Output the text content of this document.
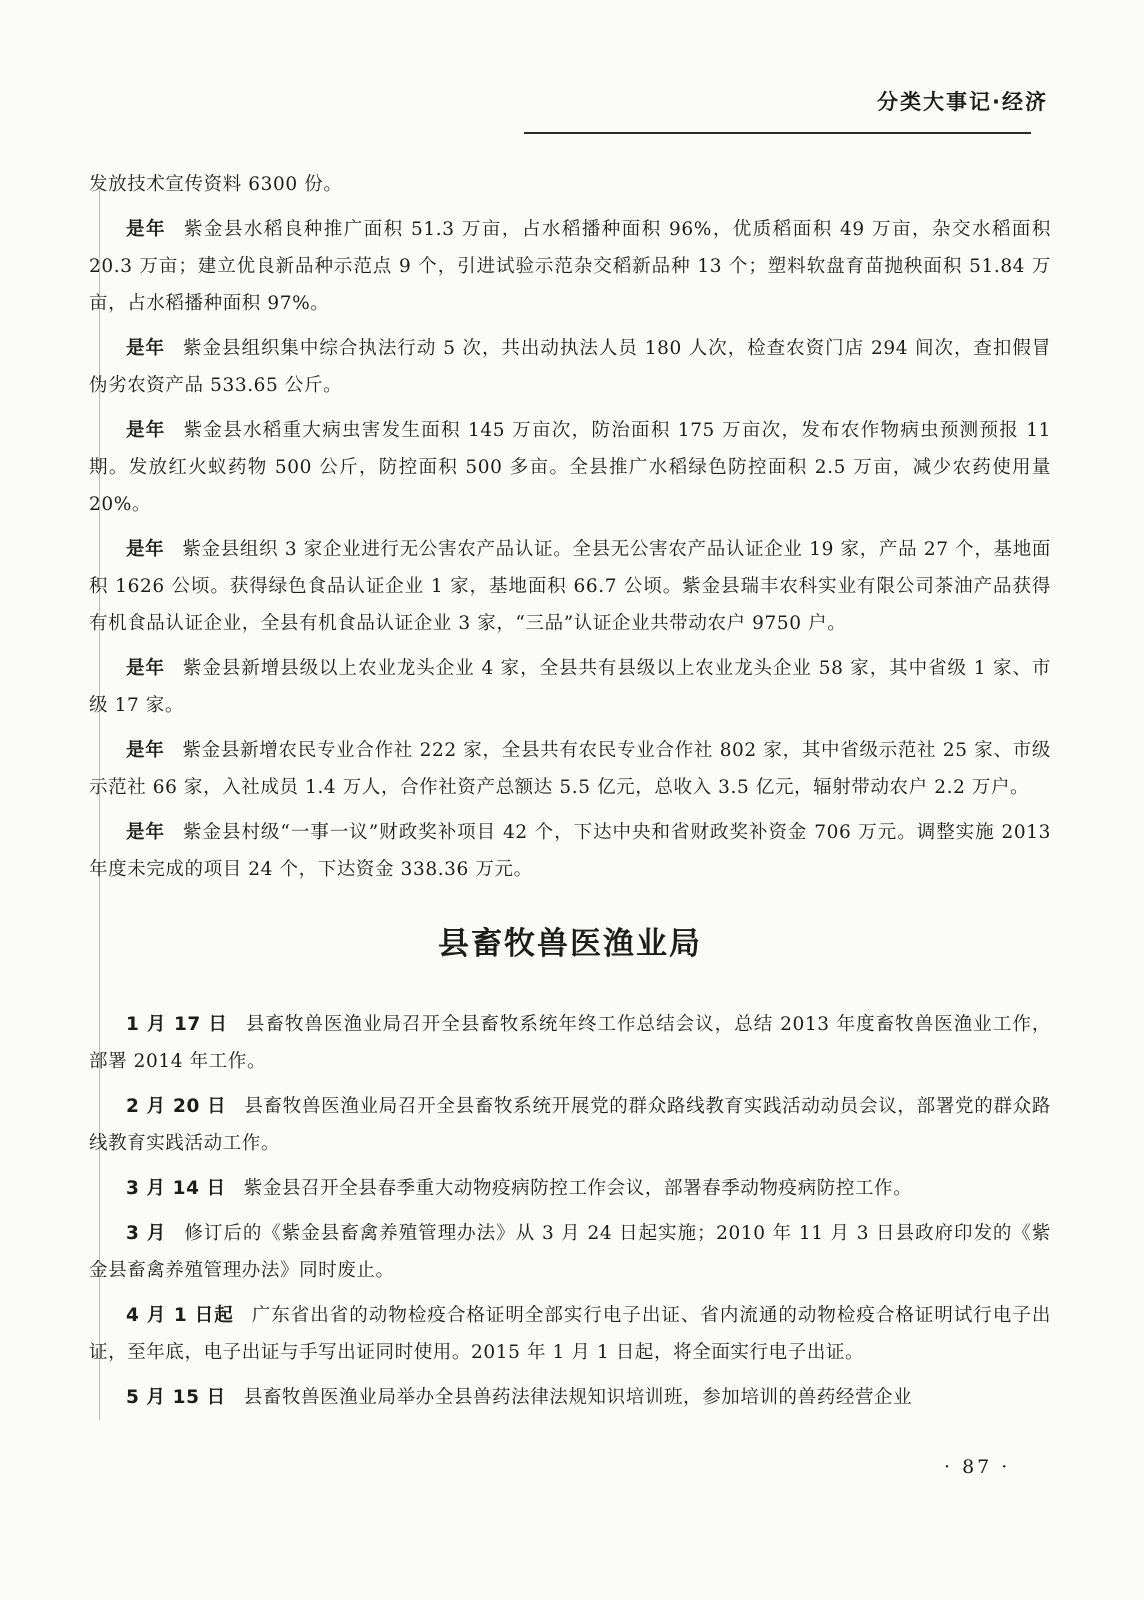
分类大事记·经济

发放技术宣传资料 6300 份。

是年 紫金县水稻良种推广面积 51.3 万亩，占水稻播种面积 96%，优质稻面积 49 万亩，杂交水稻面积 20.3 万亩；建立优良新品种示范点 9 个，引进试验示范杂交稻新品种 13 个；塑料软盘育苗抛秧面积 51.84 万亩，占水稻播种面积 97%。

是年 紫金县组织集中综合执法行动 5 次，共出动执法人员 180 人次，检查农资门店 294 间次，查扣假冒伪劣农资产品 533.65 公斤。

是年 紫金县水稻重大病虫害发生面积 145 万亩次，防治面积 175 万亩次，发布农作物病虫预测预报 11 期。发放红火蚁药物 500 公斤，防控面积 500 多亩。全县推广水稻绿色防控面积 2.5 万亩，减少农药使用量 20%。

是年 紫金县组织 3 家企业进行无公害农产品认证。全县无公害农产品认证企业 19 家，产品 27 个，基地面积 1626 公顷。获得绿色食品认证企业 1 家，基地面积 66.7 公顷。紫金县瑞丰农科实业有限公司茶油产品获得有机食品认证企业，全县有机食品认证企业 3 家，“三品”认证企业共带动农户 9750 户。

是年 紫金县新增县级以上农业龙头企业 4 家，全县共有县级以上农业龙头企业 58 家，其中省级 1 家、市级 17 家。

是年 紫金县新增农民专业合作社 222 家，全县共有农民专业合作社 802 家，其中省级示范社 25 家、市级示范社 66 家，入社成员 1.4 万人，合作社资产总额达 5.5 亿元，总收入 3.5 亿元，辐射带动农户 2.2 万户。

是年 紫金县村级“一事一议”财政奖补项目 42 个，下达中央和省财政奖补资金 706 万元。调整实施 2013 年度未完成的项目 24 个，下达资金 338.36 万元。

县畜牧兽医渔业局

1 月 17 日 县畜牧兽医渔业局召开全县畜牧系统年终工作总结会议，总结 2013 年度畜牧兽医渔业工作，部署 2014 年工作。

2 月 20 日 县畜牧兽医渔业局召开全县畜牧系统开展党的群众路线教育实践活动动员会议，部署党的群众路线教育实践活动工作。

3 月 14 日 紫金县召开全县春季重大动物疫病防控工作会议，部署春季动物疫病防控工作。

3 月 修订后的《紫金县畜禽养殖管理办法》从 3 月 24 日起实施；2010 年 11 月 3 日县政府印发的《紫金县畜禽养殖管理办法》同时废止。

4 月 1 日起 广东省出省的动物检疫合格证明全部实行电子出证、省内流通的动物检疫合格证明试行电子出证，至年底，电子出证与手写出证同时使用。2015 年 1 月 1 日起，将全面实行电子出证。

5 月 15 日 县畜牧兽医渔业局举办全县兽药法律法规知识培训班，参加培训的兽药经营企业

· 87 ·
